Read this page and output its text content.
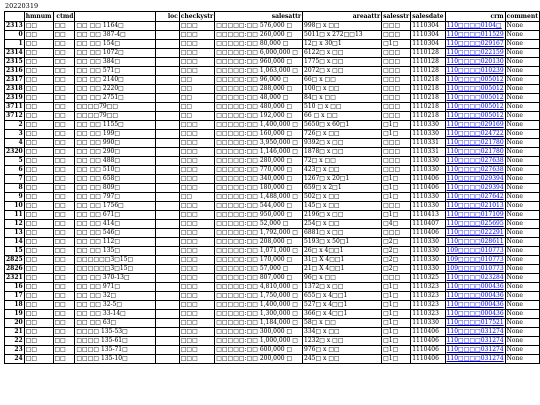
20220319
	hmnum	ctmd		loc	checkystr	salesattr	areaattr	salesstr	salesdate	crm	comment
2313	□□	□□	□□ □□ 1164□		□□□	□□□□□:□□ 576,000 □	998□ x □□	□□□	1110304	110□□□□0104□	None
0	□□	□□	□□ □□ 387-4□		□□□	□□□□□:□□ 260,000 □	5011□ x 272□□13	□□□	1110304	110□□□□011529	None
1	□□	□□	□□ □□ 154□		□□□	□□□□□:□□ 80,000 □	12□ x 30□1	□1□	1110304	110□□□□029167	None
2314	□□	□□	□□ □□ 1072□		□□□	□□□□□:□□ 6,000,000 □	6122□ x □□	□□□	1110128	110□□□□022159	None
2315	□□	□□	□□ □□ 384□		□□□	□□□□□:□□ 960,000 □	1775□ x □□	□□□	1110128	110□□□□020130	None
2316	□□	□□	□□ □□ 571□		□□□	□□□□□:□□ 1,063,000 □	2072□ x □□	□□□	1110128	110□□□□010239	None
2317	□□	□□	□□ □□ 2140□		□□	□□□□□:□□ 96,000 □	66□ x □□	□□□	1110218	110□□□□005012	None
2318	□□	□□	□□ □□ 2220□		□□	□□□□□:□□ 288,000 □	100□ x □□	□□□	1110218	110□□□□005012	None
2319	□□	□□	□□ □□ 2751□		□□	□□□□□:□□ 48,000 □	84□ x □□	□□□	1110218	110□□□□005012	None
3711	□□	□□	□□□□79□□		□□	□□□□□:□□ 480,000 □	510 □ x □□	□□□	1110218	110□□□□005012	None
3712	□□	□□	□□□□79□□		□□	□□□□□:□□ 192,000 □	66 □ x □□	□□□	1110218	110□□□□005012	None
2	□□	□□	□□ □□ 1155□		□□□	□□□□□:□□ 1,400,000 □	5650□ x 60□1	□1□	1110330	110□□□□029169	None
3	□□	□□	□□ □□ 199□		□□□	□□□□□:□□ 160,000 □	726□ x □□	□1□	1110330	110□□□□024722	None
4	□□	□□	□□ □□ 990□		□□□	□□□□□:□□ 3,950,000 □	9392□ x □□	□□□	1110331	110□□□□021780	None
2320	□□	□□	□□ □□ 290□		□□□	□□□□□:□□ 1,146,000 □	1878□ x □□	□□□	1110331	110□□□□021780	None
5	□□	□□	□□ □□ 488□		□□□	□□□□□:□□ 280,000 □	72□ x □□	□□□	1110330	110□□□□027638	None
6	□□	□□	□□ □□ 510□		□□□	□□□□□:□□ 770,000 □	423□ x □□	□□□	1110330	110□□□□027638	None
7	□□	□□	□□ □□ 658□		□□□	□□□□□:□□ 340,000 □	1267□ x 20□1	□1□	1110406	110□□□□029394	None
8	□□	□□	□□ □□ 809□		□□□	□□□□□:□□ 180,000 □	659□ x 2□1	□1□	1110406	110□□□□029394	None
9	□□	□□	□□ □□ 797□		□□	□□□□□:□□ 1,488,000 □	502□ x □□	□1□	1110330	110□□□□027642	None
10	□□	□□	□□ □□ 1756□		□□□	□□□□□:□□ 544,000 □	145□ x □□	□□□	1110330	110□□□□021013	None
11	□□	□□	□□ □□ 671□		□□□	□□□□□:□□ 950,000 □	2196□ x □□	□1□	1110413	110□□□□017109	None
12	□□	□□	□□ □□ 414□		□□□	□□□□□:□□ 52,000 □	254□ x □□	□4□	1110407	110□□□□025695	None
13	□□	□□	□□ □□ 546□		□□□	□□□□□:□□ 1,792,000 □	6881□ x □□	□□□	1110406	110□□□□022291	None
14	□□	□□	□□ □□ 112□		□□□	□□□□□:□□ 208,000 □	5193□ x 50□1	□2□	1110330	110□□□□028611	None
15	□□	□□	□□ □□ 135□		□□□	□□□□□:□□ 1,071,000 □	26□ x 4□□1	□2□	1110330	109□□□□010773	None
2825	□□	□□	□□□□□□3□15□		□□□	□□□□□:□□ 170,000 □	31□ X 4□□1	□2□	1110330	109□□□□010773	None
2826	□□	□□	□□□□□□3□15□		□□□	□□□□□:□□ 57,000 □	21□ X 4□□1	□2□	1110330	109□□□□010773	None
2321	□□	□□	□□ □□ 370-13□		□□□	□□□□□:□□ 807,000 □	96□ x □□	□□□	1110325	110□□□□023284	None
16	□□	□□	□□ □□ 971□		□□□	□□□□□:□□ 4,810,000 □	1372□ x □□	□1□	1110323	110□□□□000436	None
17	□□	□□	□□ □□ 32□		□□□	□□□□□:□□ 1,750,000 □	655□ x 4□□1	□1□	1110323	110□□□□000436	None
18	□□	□□	□□ □□ 32-5□		□□□	□□□□□:□□ 1,400,000 □	527□ x 4□□1	□1□	1110323	110□□□□000436	None
19	□□	□□	□□ □□ 33-14□		□□□	□□□□□:□□ 1,300,000 □	366□ x 4□□1	□1□	1110323	110□□□□000436	None
20	□□	□□	□□ □□ 63□		□□□	□□□□□:□□ 1,184,000 □	58□ x □□	□1□	1110330	110□□□□017521	None
21	□□	□□	□□□□ 135-53□		□□□	□□□□□:□□ 300,000 □	334□ x □□	□1□	1110406	110□□□□031274	None
22	□□	□□	□□□□ 135-61□		□□□	□□□□□:□□ 1,000,000 □	1232□ x □□	□1□	1110406	110□□□□031274	None
23	□□	□□	□□□□ 135-71□		□□□	□□□□□:□□ 600,000 □	976□ x □□	□1□	1110406	110□□□□031274	None
24	□□	□□	□□□□ 135-10□		□□□	□□□□□:□□ 200,000 □	245□ x □□	□1□	1110406	110□□□□031274	None
